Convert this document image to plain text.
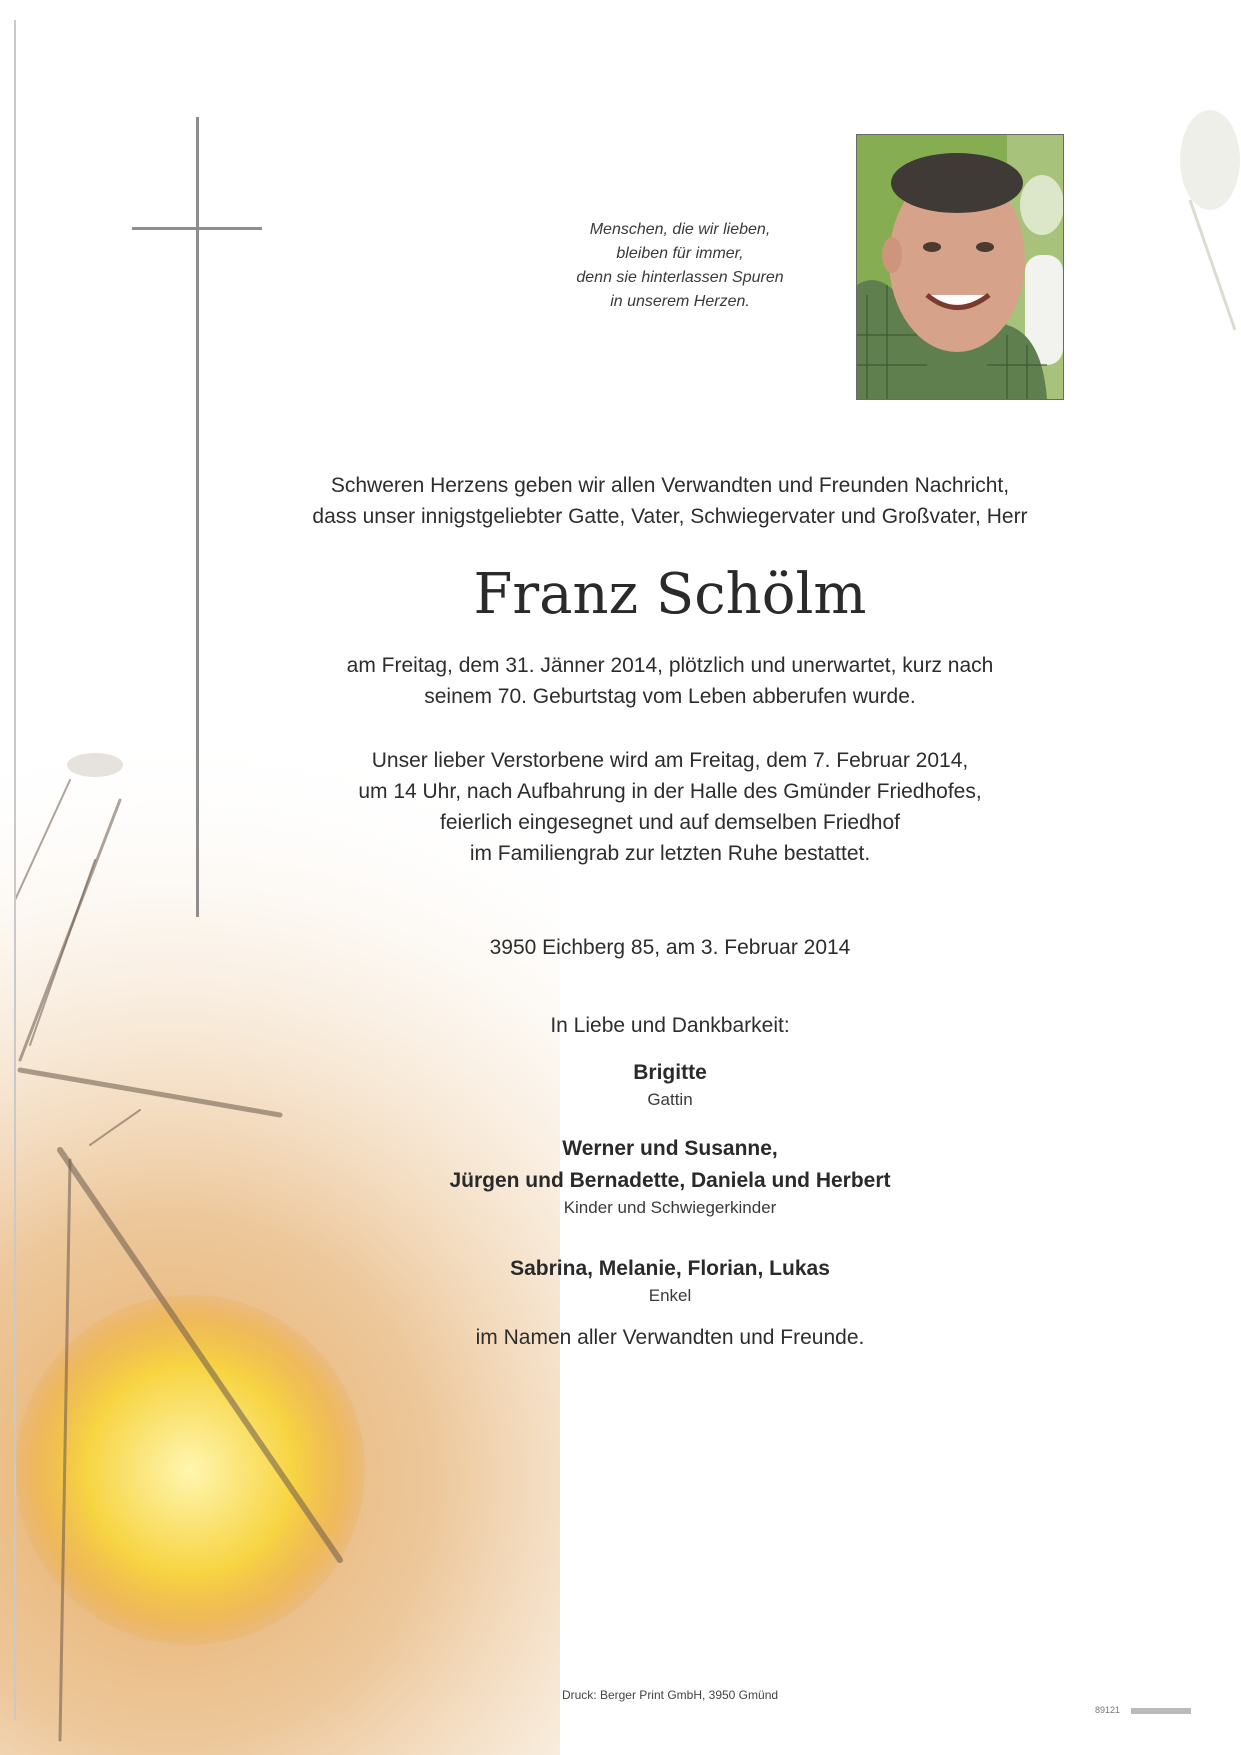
Menschen, die wir lieben,
bleiben für immer,
denn sie hinterlassen Spuren
in unserem Herzen.
Schweren Herzens geben wir allen Verwandten und Freunden Nachricht,
dass unser innigstgeliebter Gatte, Vater, Schwiegervater und Großvater, Herr
Franz Schölm
am Freitag, dem 31. Jänner 2014, plötzlich und unerwartet, kurz nach
seinem 70. Geburtstag vom Leben abberufen wurde.
Unser lieber Verstorbene wird am Freitag, dem 7. Februar 2014,
um 14 Uhr, nach Aufbahrung in der Halle des Gmünder Friedhofes,
feierlich eingesegnet und auf demselben Friedhof
im Familiengrab zur letzten Ruhe bestattet.
3950 Eichberg 85, am 3. Februar 2014
In Liebe und Dankbarkeit:
Brigitte
Gattin
Werner und Susanne,
Jürgen und Bernadette, Daniela und Herbert
Kinder und Schwiegerkinder
Sabrina, Melanie, Florian, Lukas
Enkel
im Namen aller Verwandten und Freunde.
Druck: Berger Print GmbH, 3950 Gmünd
89121
